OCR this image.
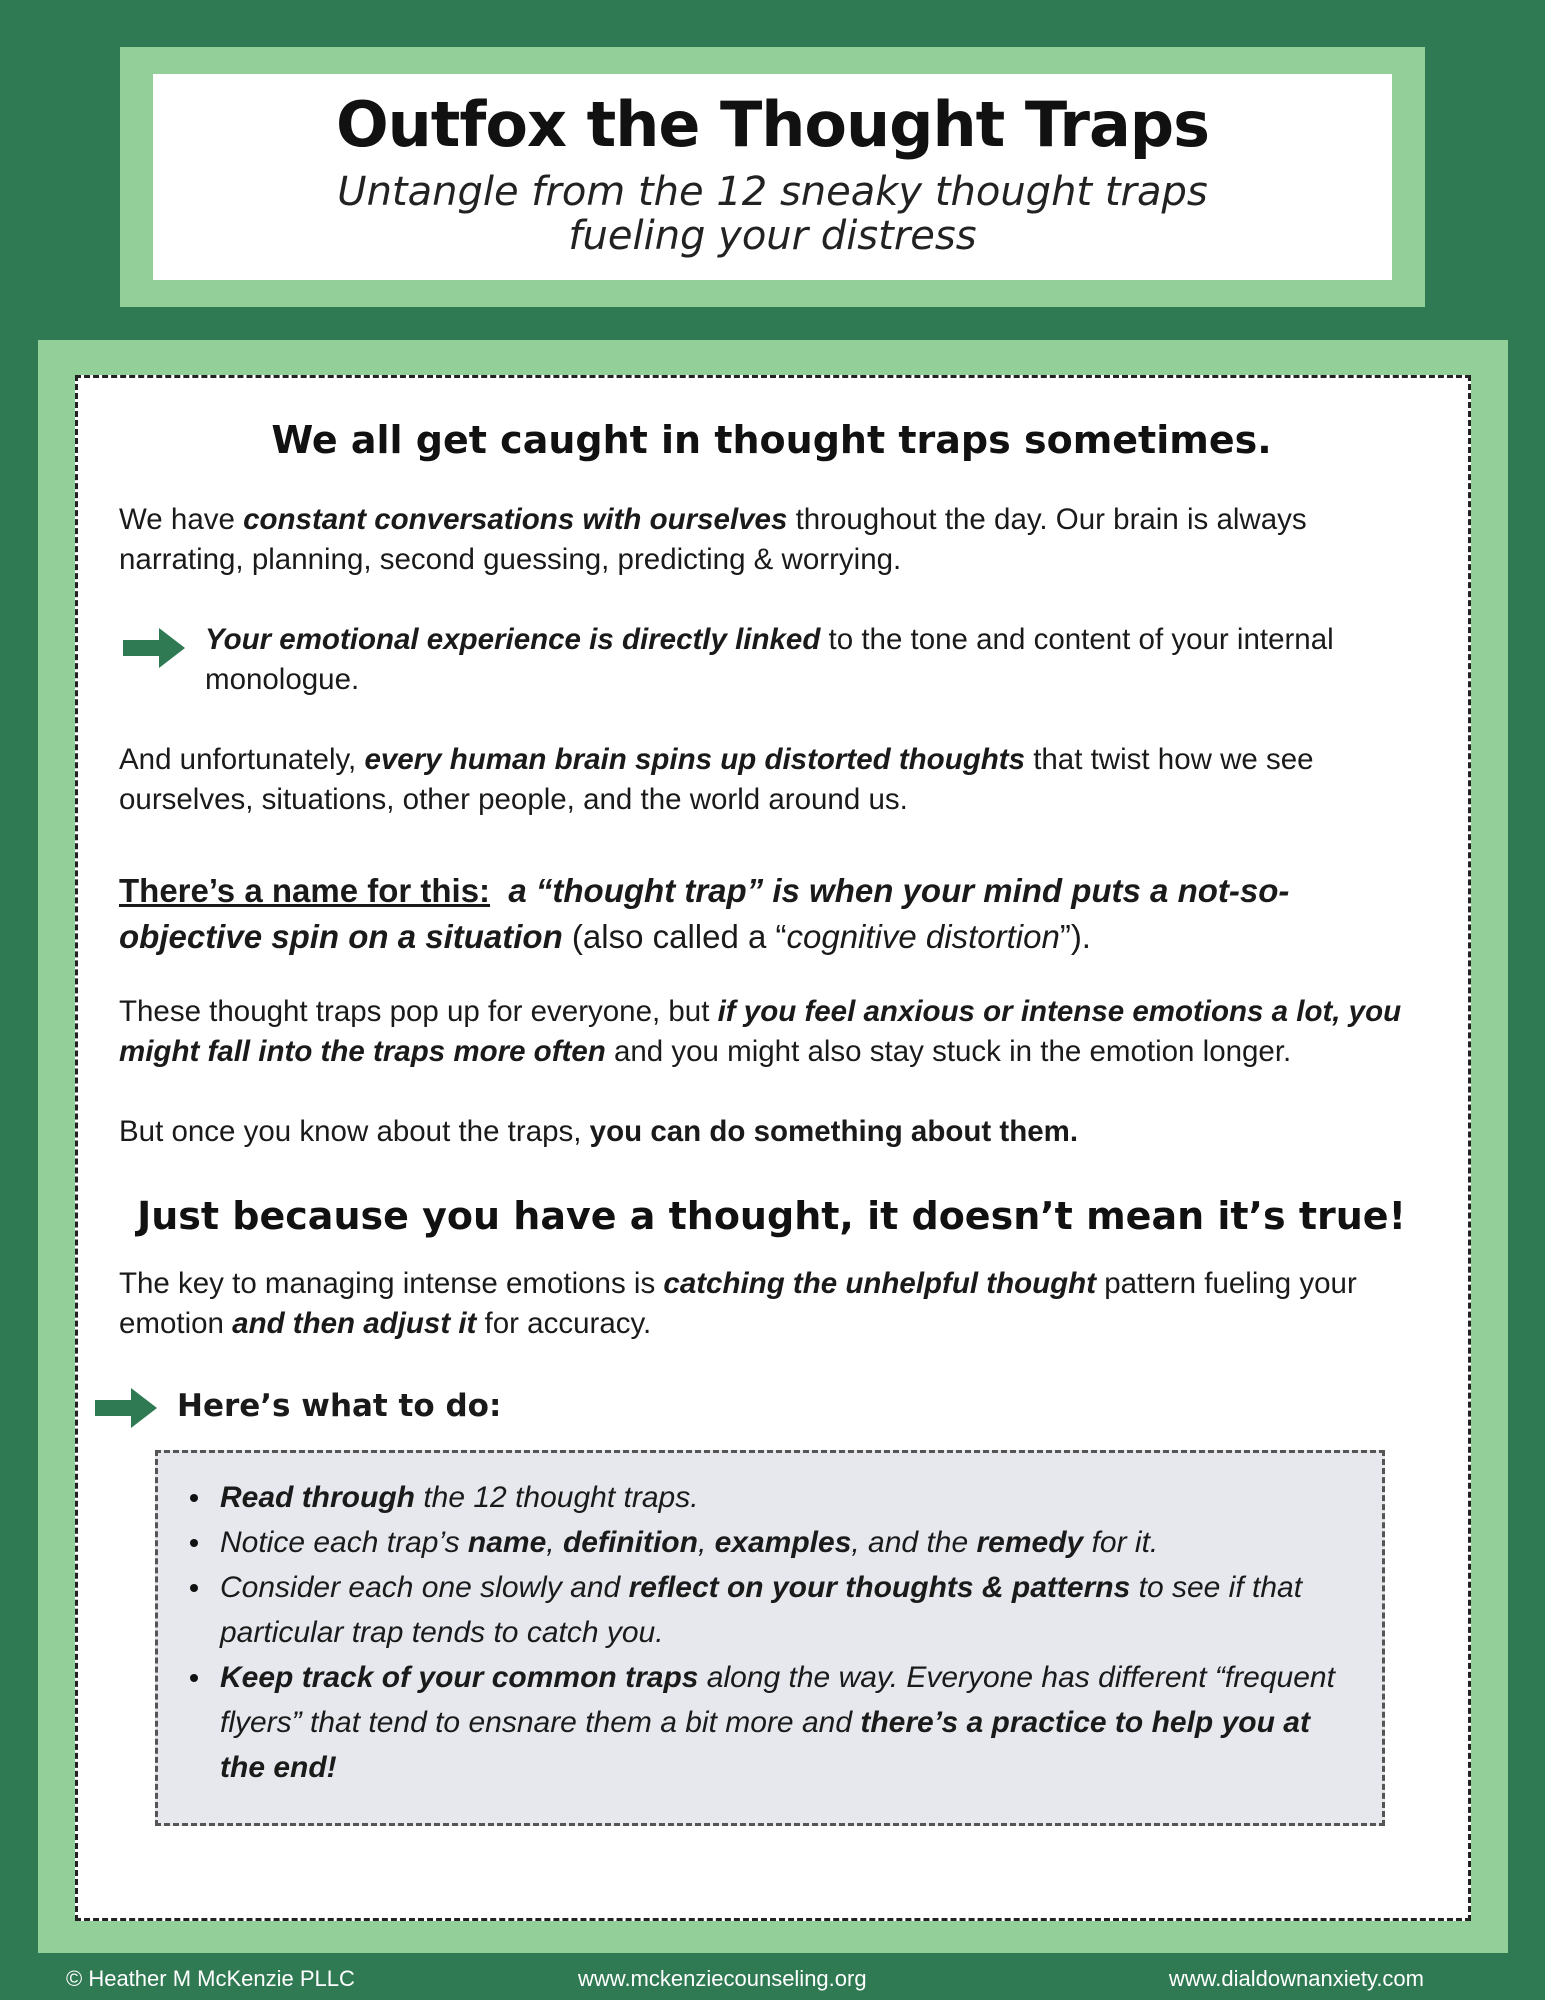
Outfox the Thought Traps
Untangle from the 12 sneaky thought traps
fueling your distress
We all get caught in thought traps sometimes.

We have constant conversations with ourselves throughout the day. Our brain is always narrating, planning, second guessing, predicting & worrying.

Your emotional experience is directly linked to the tone and content of your internal monologue.

And unfortunately, every human brain spins up distorted thoughts that twist how we see ourselves, situations, other people, and the world around us.

There’s a name for this: a “thought trap” is when your mind puts a not-so-objective spin on a situation (also called a “cognitive distortion”).

These thought traps pop up for everyone, but if you feel anxious or intense emotions a lot, you might fall into the traps more often and you might also stay stuck in the emotion longer.

But once you know about the traps, you can do something about them.

Just because you have a thought, it doesn’t mean it’s true!

The key to managing intense emotions is catching the unhelpful thought pattern fueling your emotion and then adjust it for accuracy.

Here’s what to do:
Read through the 12 thought traps.
Notice each trap’s name, definition, examples, and the remedy for it.
Consider each one slowly and reflect on your thoughts & patterns to see if that particular trap tends to catch you.
Keep track of your common traps along the way. Everyone has different “frequent flyers” that tend to ensnare them a bit more and there’s a practice to help you at the end!
© Heather M McKenzie PLLC	www.mckenziecounseling.org	www.dialdownanxiety.com
